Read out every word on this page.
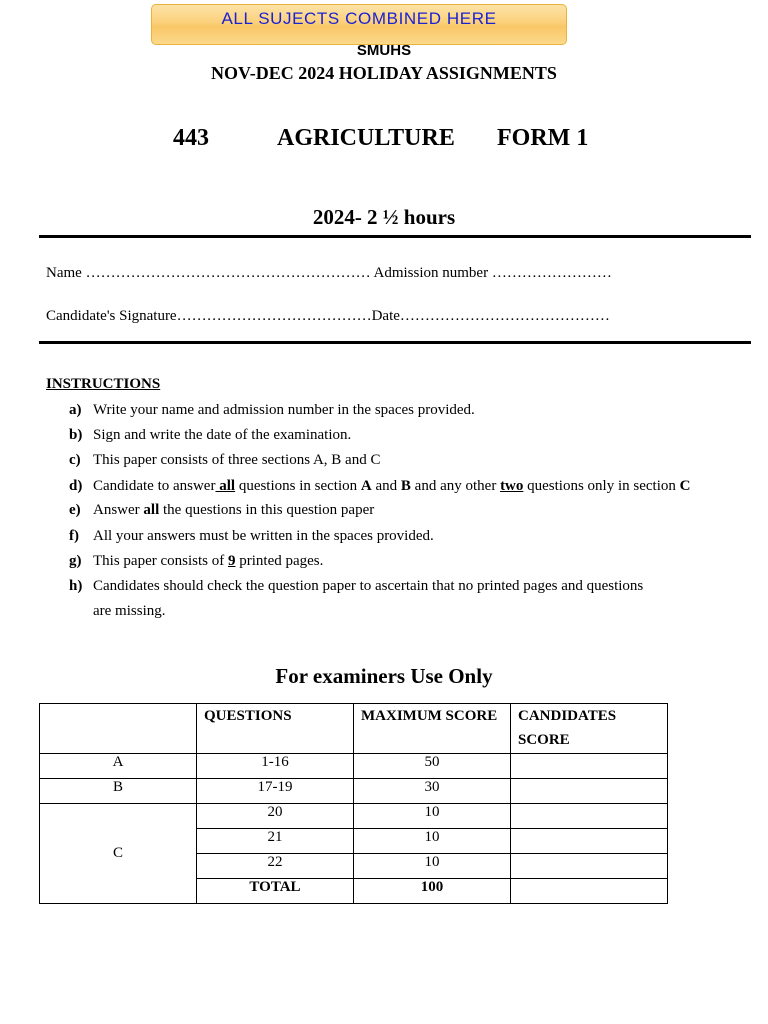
ALL SUJECTS COMBINED HERE
SMUHS
NOV-DEC 2024 HOLIDAY ASSIGNMENTS
443	AGRICULTURE FORM 1
2024- 2 ½ hours
Name ………………………………………………… Admission number ……………………
Candidate's Signature…………………………………Date……………………………………
INSTRUCTIONS
a) Write your name and admission number in the spaces provided.
b) Sign and write the date of the examination.
c) This paper consists of three sections A, B and C
d) Candidate to answer all questions in section A and B and any other two questions only in section C
e) Answer all the questions in this question paper
f) All your answers must be written in the spaces provided.
g) This paper consists of 9 printed pages.
h) Candidates should check the question paper to ascertain that no printed pages and questions
are missing.
For examiners Use Only
	QUESTIONS	MAXIMUM SCORE	CANDIDATES
SCORE
A	1-16	50	
B	17-19	30	
C	20	10	
	21	10	
	22	10	
	TOTAL	100	
